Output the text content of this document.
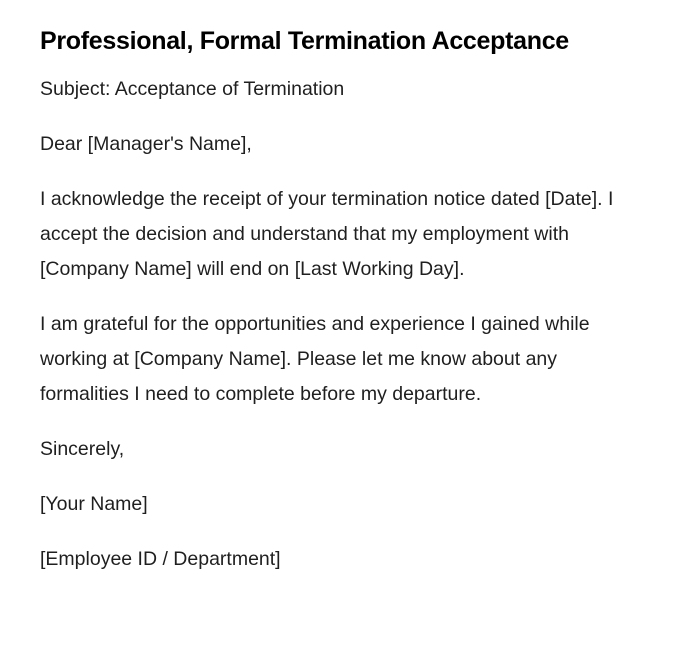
Professional, Formal Termination Acceptance

Subject: Acceptance of Termination

Dear [Manager's Name],

I acknowledge the receipt of your termination notice dated [Date]. I accept the decision and understand that my employment with [Company Name] will end on [Last Working Day].

I am grateful for the opportunities and experience I gained while working at [Company Name]. Please let me know about any formalities I need to complete before my departure.

Sincerely,

[Your Name]

[Employee ID / Department]
